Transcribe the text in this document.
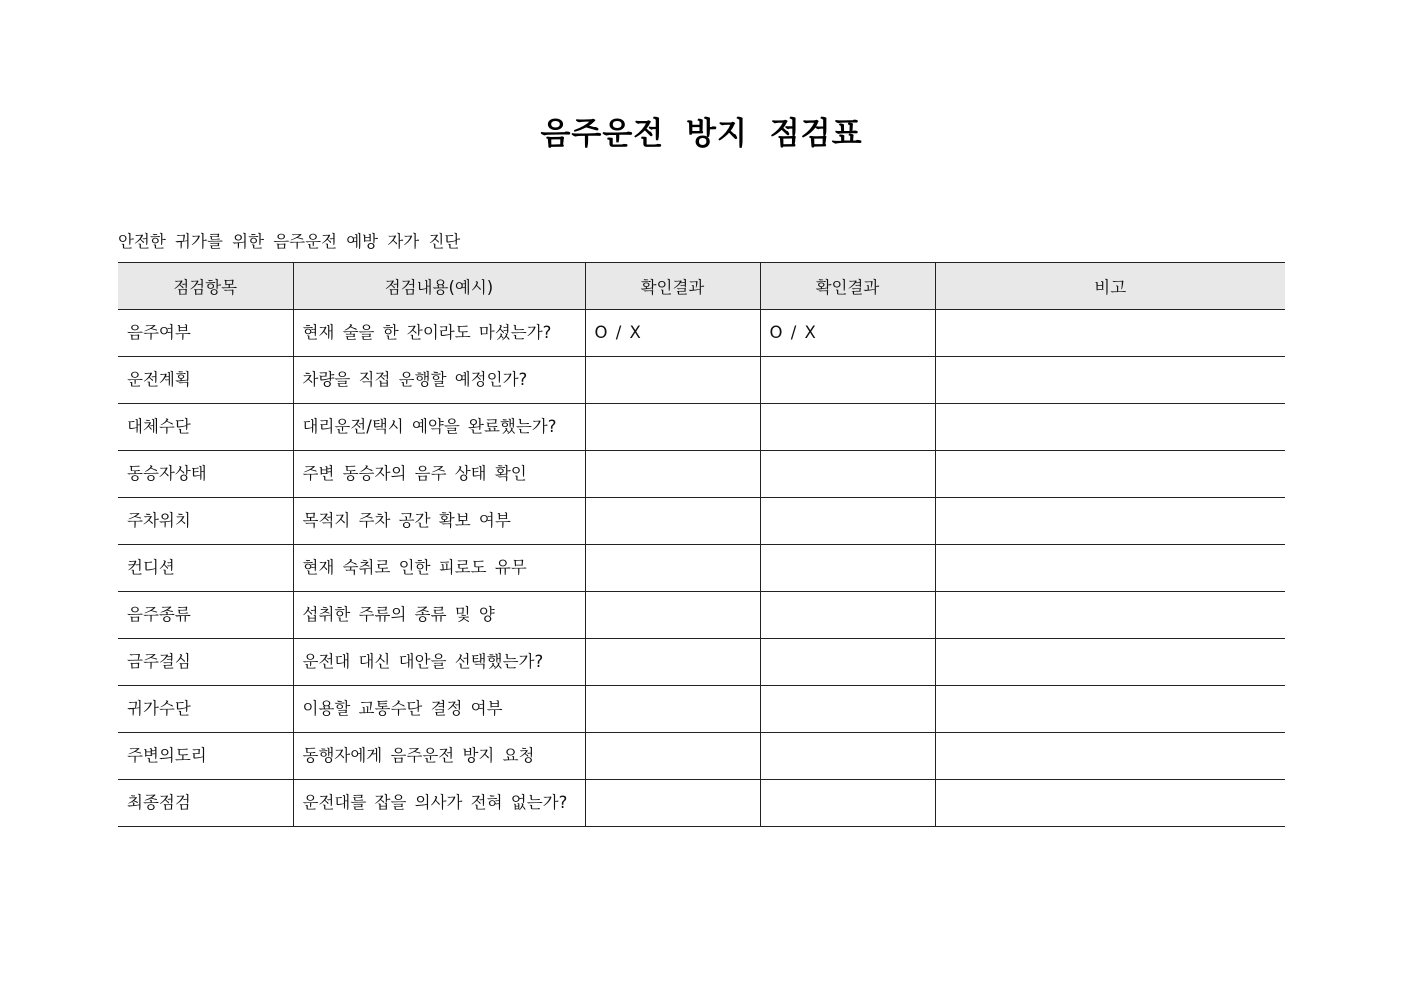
음주운전 방지 점검표
안전한 귀가를 위한 음주운전 예방 자가 진단
점검항목	점검내용(예시)	확인결과	확인결과	비고
음주여부	현재 술을 한 잔이라도 마셨는가?	O / X	O / X	
운전계획	차량을 직접 운행할 예정인가?			
대체수단	대리운전/택시 예약을 완료했는가?			
동승자상태	주변 동승자의 음주 상태 확인			
주차위치	목적지 주차 공간 확보 여부			
컨디션	현재 숙취로 인한 피로도 유무			
음주종류	섭취한 주류의 종류 및 양			
금주결심	운전대 대신 대안을 선택했는가?			
귀가수단	이용할 교통수단 결정 여부			
주변의도리	동행자에게 음주운전 방지 요청			
최종점검	운전대를 잡을 의사가 전혀 없는가?			
